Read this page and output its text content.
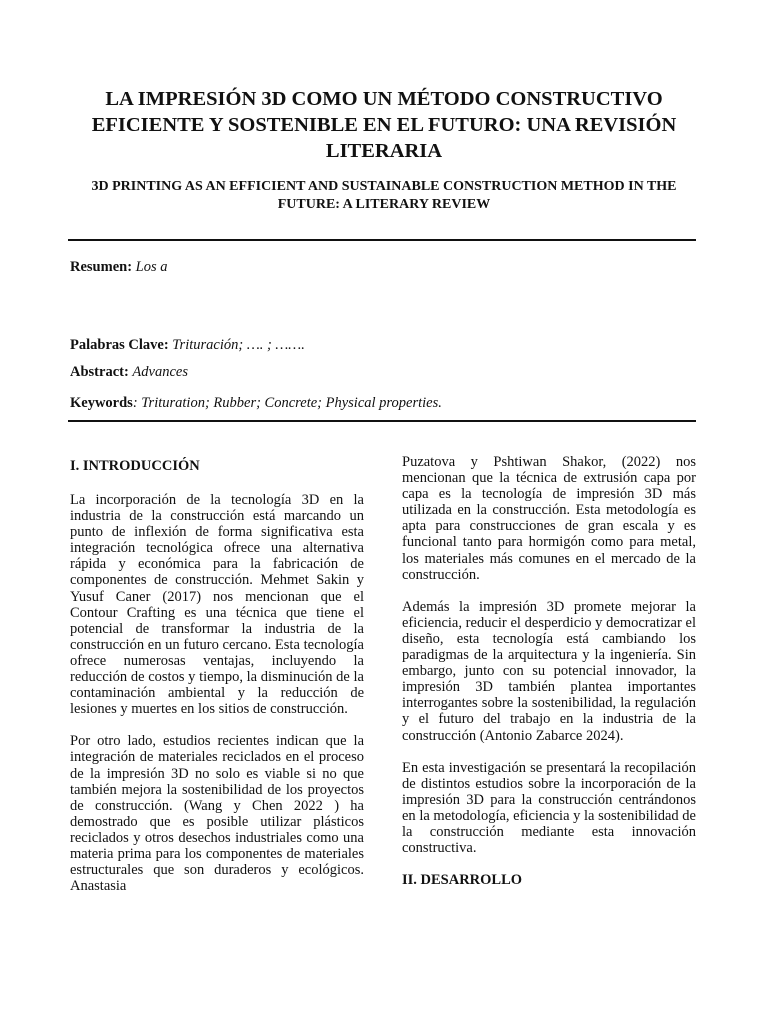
LA IMPRESIÓN 3D COMO UN MÉTODO CONSTRUCTIVO EFICIENTE Y SOSTENIBLE EN EL FUTURO: UNA REVISIÓN LITERARIA

3D PRINTING AS AN EFFICIENT AND SUSTAINABLE CONSTRUCTION METHOD IN THE FUTURE: A LITERARY REVIEW

Resumen: Los a

Palabras Clave: Trituración; …. ; …….

Abstract: Advances

Keywords: Trituration; Rubber; Concrete; Physical properties.

I. INTRODUCCIÓN

La incorporación de la tecnología 3D en la industria de la construcción está marcando un punto de inflexión de forma significativa esta integración tecnológica ofrece una alternativa rápida y económica para la fabricación de componentes de construcción. Mehmet Sakin y Yusuf Caner (2017) nos mencionan que el Contour Crafting es una técnica que tiene el potencial de transformar la industria de la construcción en un futuro cercano. Esta tecnología ofrece numerosas ventajas, incluyendo la reducción de costos y tiempo, la disminución de la contaminación ambiental y la reducción de lesiones y muertes en los sitios de construcción.

Por otro lado, estudios recientes indican que la integración de materiales reciclados en el proceso de la impresión 3D no solo es viable si no que también mejora la sostenibilidad de los proyectos de construcción. (Wang y Chen 2022 ) ha demostrado que es posible utilizar plásticos reciclados y otros desechos industriales como una materia prima para los componentes de materiales estructurales que son duraderos y ecológicos. Anastasia

Puzatova y Pshtiwan Shakor, (2022) nos mencionan que la técnica de extrusión capa por capa es la tecnología de impresión 3D más utilizada en la construcción. Esta metodología es apta para construcciones de gran escala y es funcional tanto para hormigón como para metal, los materiales más comunes en el mercado de la construcción.

Además la impresión 3D promete mejorar la eficiencia, reducir el desperdicio y democratizar el diseño, esta tecnología está cambiando los paradigmas de la arquitectura y la ingeniería. Sin embargo, junto con su potencial innovador, la impresión 3D también plantea importantes interrogantes sobre la sostenibilidad, la regulación y el futuro del trabajo en la industria de la construcción (Antonio Zabarce 2024).

En esta investigación se presentará la recopilación de distintos estudios sobre la incorporación de la impresión 3D para la construcción centrándonos en la metodología, eficiencia y la sostenibilidad de la construcción mediante esta innovación constructiva.

II. DESARROLLO
